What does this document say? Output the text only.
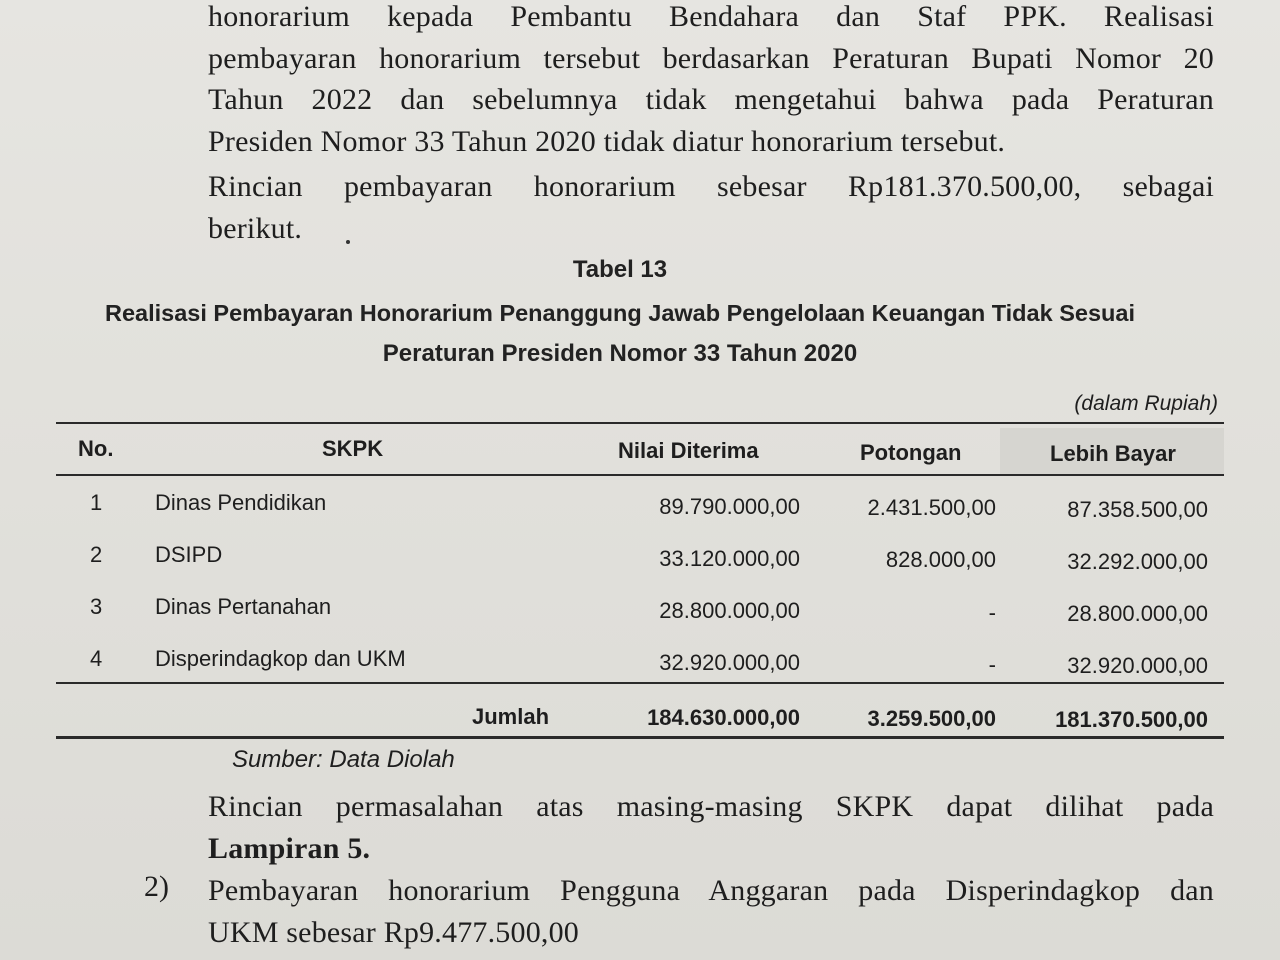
honorarium kepada Pembantu Bendahara dan Staf PPK. Realisasi
pembayaran honorarium tersebut berdasarkan Peraturan Bupati Nomor 20
Tahun 2022 dan sebelumnya tidak mengetahui bahwa pada Peraturan
Presiden Nomor 33 Tahun 2020 tidak diatur honorarium tersebut.
Rincian pembayaran honorarium sebesar Rp181.370.500,00, sebagai
berikut.
Tabel 13
Realisasi Pembayaran Honorarium Penanggung Jawab Pengelolaan Keuangan Tidak Sesuai
Peraturan Presiden Nomor 33 Tahun 2020
(dalam Rupiah)
No.	SKPK	Nilai Diterima	Potongan	Lebih Bayar
1 Dinas Pendidikan	89.790.000,00	2.431.500,00	87.358.500,00
2 DSIPD	33.120.000,00	828.000,00	32.292.000,00
3 Dinas Pertanahan	28.800.000,00	-	28.800.000,00
4 Disperindagkop dan UKM	32.920.000,00	-	32.920.000,00
Jumlah	184.630.000,00	3.259.500,00	181.370.500,00
Sumber: Data Diolah
Rincian permasalahan atas masing-masing SKPK dapat dilihat pada
Lampiran 5.
2) Pembayaran honorarium Pengguna Anggaran pada Disperindagkop dan
UKM sebesar Rp9.477.500,00
